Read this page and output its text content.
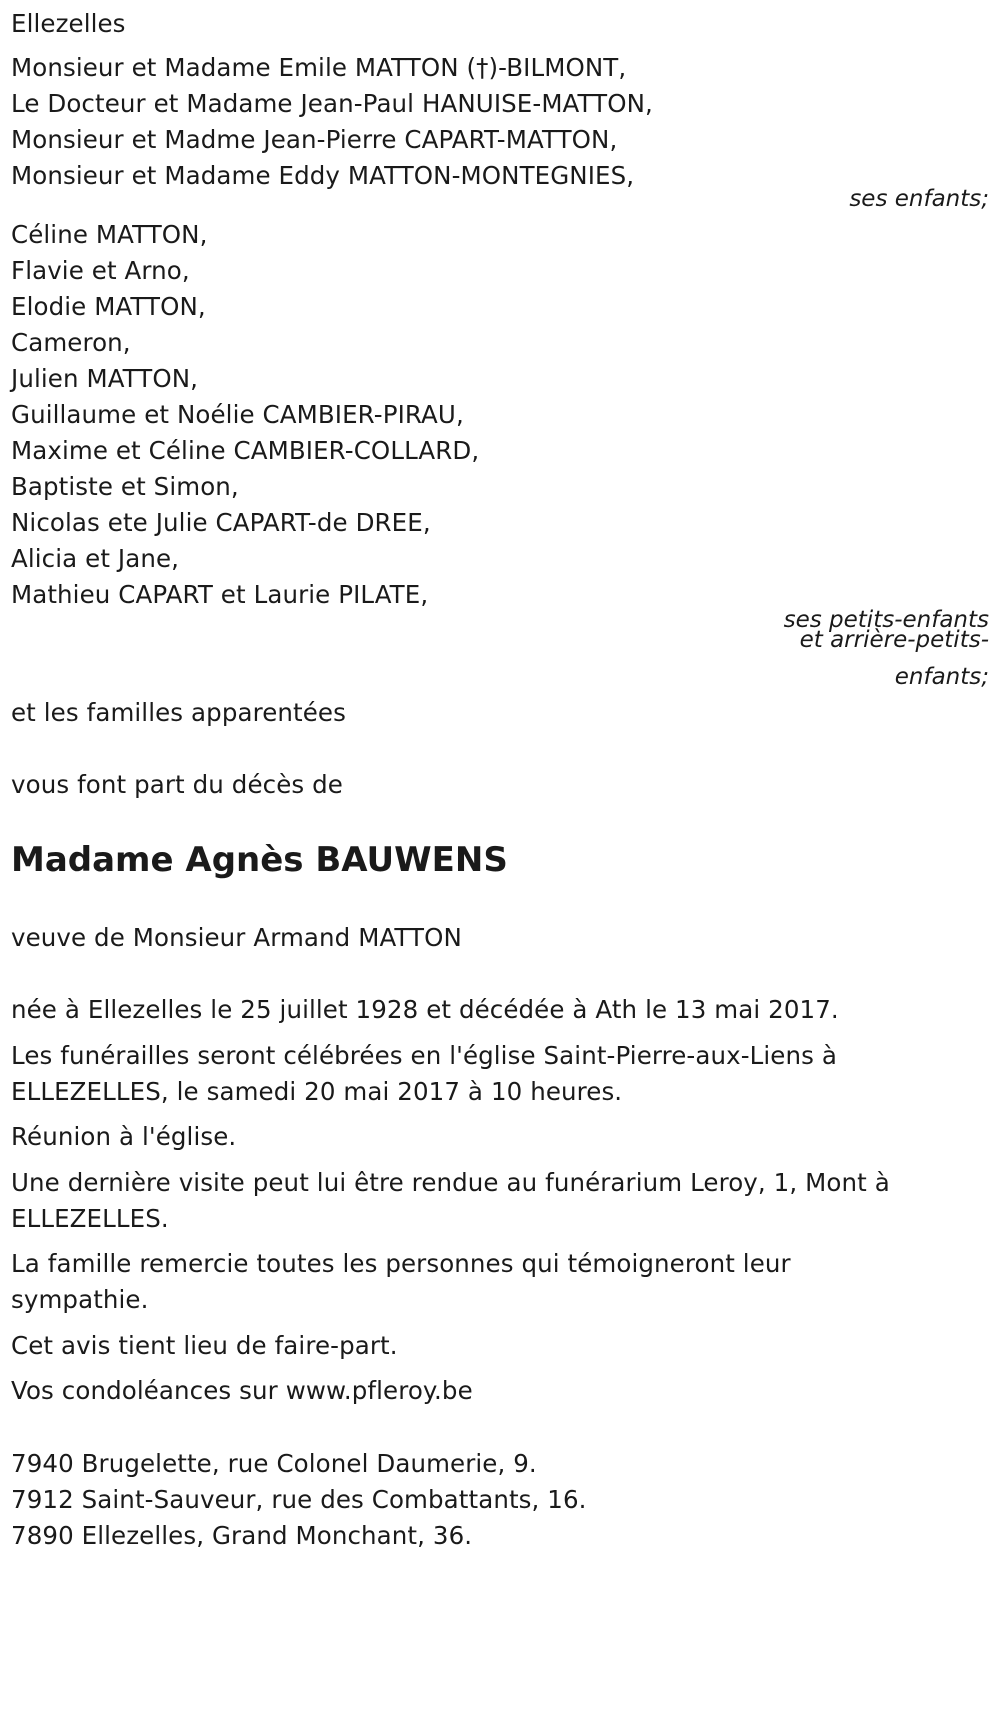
Ellezelles
Monsieur et Madame Emile MATTON (†)-BILMONT,
Le Docteur et Madame Jean-Paul HANUISE-MATTON,
Monsieur et Madme Jean-Pierre CAPART-MATTON,
Monsieur et Madame Eddy MATTON-MONTEGNIES,
ses enfants;
Céline MATTON,
Flavie et Arno,
Elodie MATTON,
Cameron,
Julien MATTON,
Guillaume et Noélie CAMBIER-PIRAU,
Maxime et Céline CAMBIER-COLLARD,
Baptiste et Simon,
Nicolas ete Julie CAPART-de DREE,
Alicia et Jane,
Mathieu CAPART et Laurie PILATE,
ses petits-enfants
et arrière-petits-
enfants;
et les familles apparentées
vous font part du décès de
Madame Agnès BAUWENS
veuve de Monsieur Armand MATTON
née à Ellezelles le 25 juillet 1928 et décédée à Ath le 13 mai 2017.
Les funérailles seront célébrées en l'église Saint-Pierre-aux-Liens à
ELLEZELLES, le samedi 20 mai 2017 à 10 heures.
Réunion à l'église.
Une dernière visite peut lui être rendue au funérarium Leroy, 1, Mont à
ELLEZELLES.
La famille remercie toutes les personnes qui témoigneront leur
sympathie.
Cet avis tient lieu de faire-part.
Vos condoléances sur www.pfleroy.be
7940 Brugelette, rue Colonel Daumerie, 9.
7912 Saint-Sauveur, rue des Combattants, 16.
7890 Ellezelles, Grand Monchant, 36.
